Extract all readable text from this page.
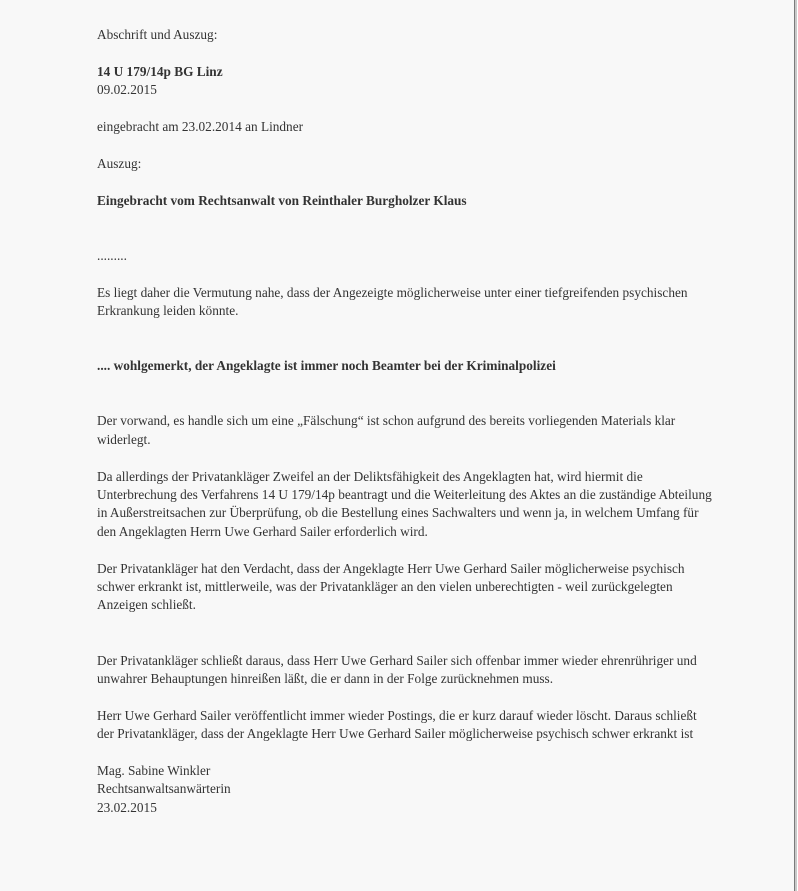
Abschrift und Auszug:

14 U 179/14p BG Linz

09.02.2015

eingebracht am 23.02.2014 an Lindner

Auszug:

Eingebracht vom Rechtsanwalt von Reinthaler Burgholzer Klaus

.........

Es liegt daher die Vermutung nahe, dass der Angezeigte möglicherweise unter einer tiefgreifenden psychischen Erkrankung leiden könnte.

.... wohlgemerkt, der Angeklagte ist immer noch Beamter bei der Kriminalpolizei

Der vorwand, es handle sich um eine „Fälschung“ ist schon aufgrund des bereits vorliegenden Materials klar widerlegt.

Da allerdings der Privatankläger Zweifel an der Deliktsfähigkeit des Angeklagten hat, wird hiermit die Unterbrechung des Verfahrens 14 U 179/14p beantragt und die Weiterleitung des Aktes an die zuständige Abteilung in Außerstreitsachen zur Überprüfung, ob die Bestellung eines Sachwalters und wenn ja, in welchem Umfang für den Angeklagten Herrn Uwe Gerhard Sailer erforderlich wird.

Der Privatankläger hat den Verdacht, dass der Angeklagte Herr Uwe Gerhard Sailer möglicherweise psychisch schwer erkrankt ist, mittlerweile, was der Privatankläger an den vielen unberechtigten - weil zurückgelegten Anzeigen schließt.

Der Privatankläger schließt daraus, dass Herr Uwe Gerhard Sailer sich offenbar immer wieder ehrenrühriger und unwahrer Behauptungen hinreißen läßt, die er dann in der Folge zurücknehmen muss.

Herr Uwe Gerhard Sailer veröffentlicht immer wieder Postings, die er kurz darauf wieder löscht. Daraus schließt der Privatankläger, dass der Angeklagte Herr Uwe Gerhard Sailer möglicherweise psychisch schwer erkrankt ist

Mag. Sabine Winkler

Rechtsanwaltsanwärterin

23.02.2015
